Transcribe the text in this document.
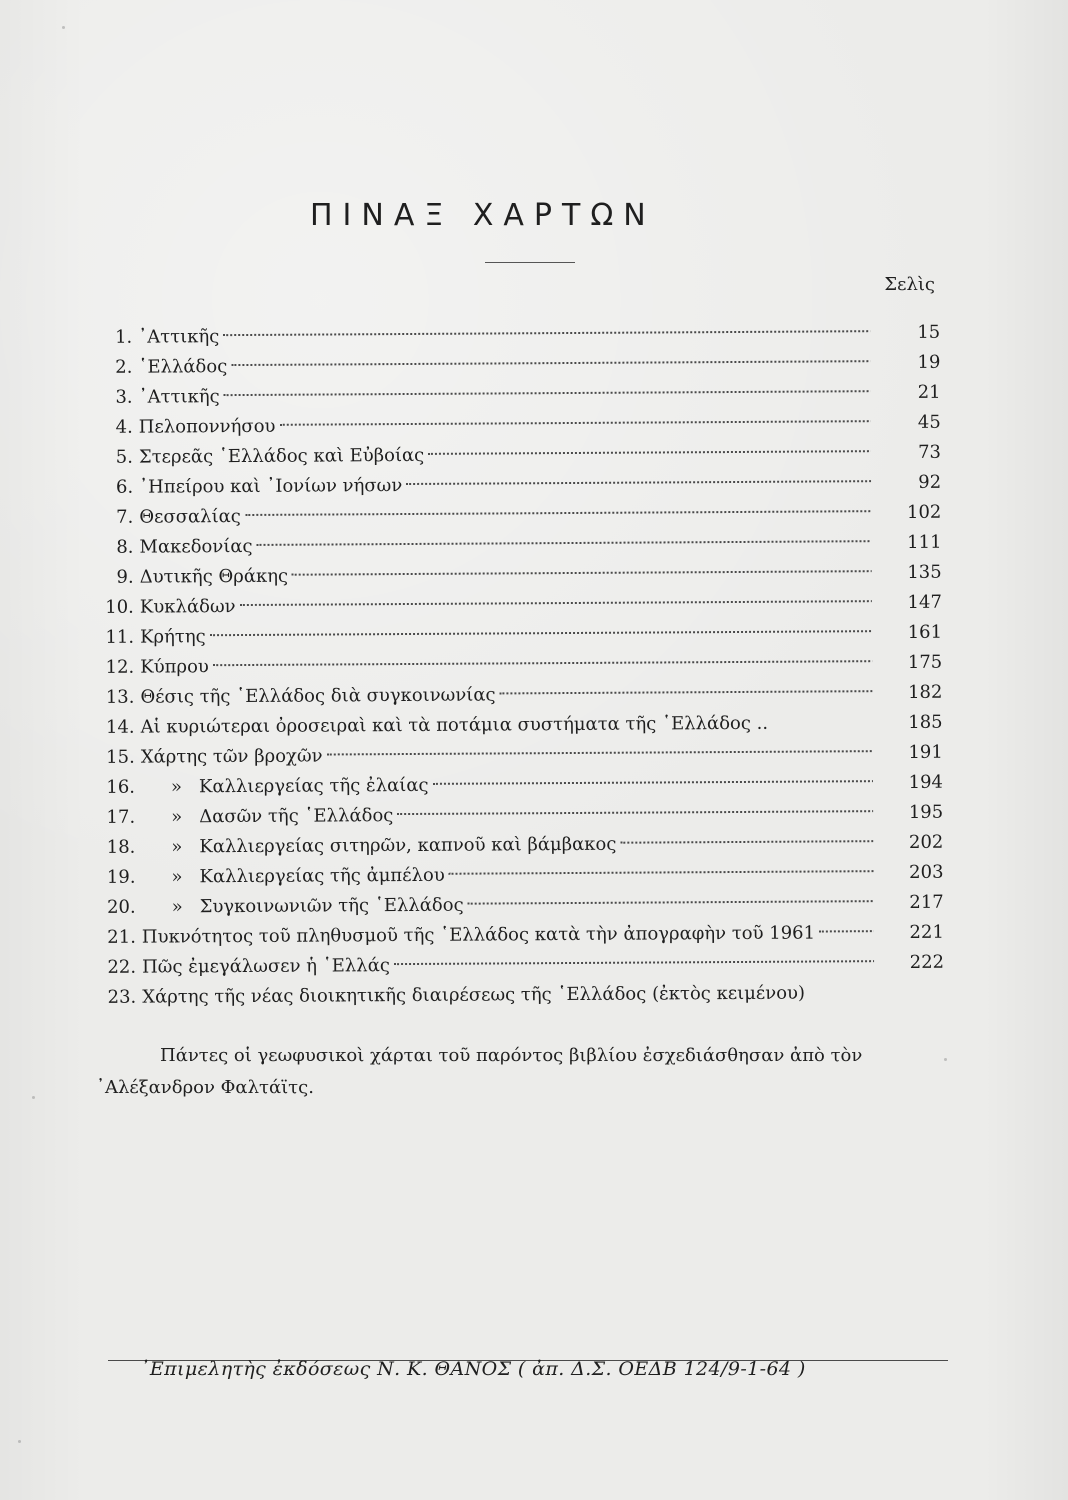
ΠΙΝΑΞ ΧΑΡΤΩΝ
Σελὶς
1. ᾿Αττικῆς	15
2. ῾Ελλάδος	19
3. ᾿Αττικῆς	21
4. Πελοποννήσου	45
5. Στερεᾶς ῾Ελλάδος καὶ Εὐβοίας	73
6. ᾿Ηπείρου καὶ ᾿Ιονίων νήσων	92
7. Θεσσαλίας	102
8. Μακεδονίας	111
9. Δυτικῆς Θράκης	135
10. Κυκλάδων	147
11. Κρήτης	161
12. Κύπρου	175
13. Θέσις τῆς ῾Ελλάδος διὰ συγκοινωνίας	182
14. Αἱ κυριώτεραι ὀροσειραὶ καὶ τὰ ποτάμια συστήματα τῆς ῾Ελλάδος ..	185
15. Χάρτης τῶν βροχῶν	191
16.	» Καλλιεργείας τῆς ἐλαίας	194
17.	» Δασῶν τῆς ῾Ελλάδος	195
18.	» Καλλιεργείας σιτηρῶν, καπνοῦ καὶ βάμβακος	202
19.	» Καλλιεργείας τῆς ἀμπέλου	203
20.	» Συγκοινωνιῶν τῆς ῾Ελλάδος	217
21. Πυκνότητος τοῦ πληθυσμοῦ τῆς ῾Ελλάδος κατὰ τὴν ἀπογραφὴν τοῦ 1961	221
22. Πῶς ἐμεγάλωσεν ἡ ῾Ελλάς	222
23. Χάρτης τῆς νέας διοικητικῆς διαιρέσεως τῆς ῾Ελλάδος (ἐκτὸς κειμένου)
Πάντες οἱ γεωφυσικοὶ χάρται τοῦ παρόντος βιβλίου ἐσχεδιάσθησαν ἀπὸ τὸν
᾿Αλέξανδρον Φαλτάϊτς.
᾿Επιμελητὴς ἐκδόσεως Ν. Κ. ΘΑΝΟΣ ( ἀπ. Δ.Σ. ΟΕΔΒ 124/9-1-64 )
